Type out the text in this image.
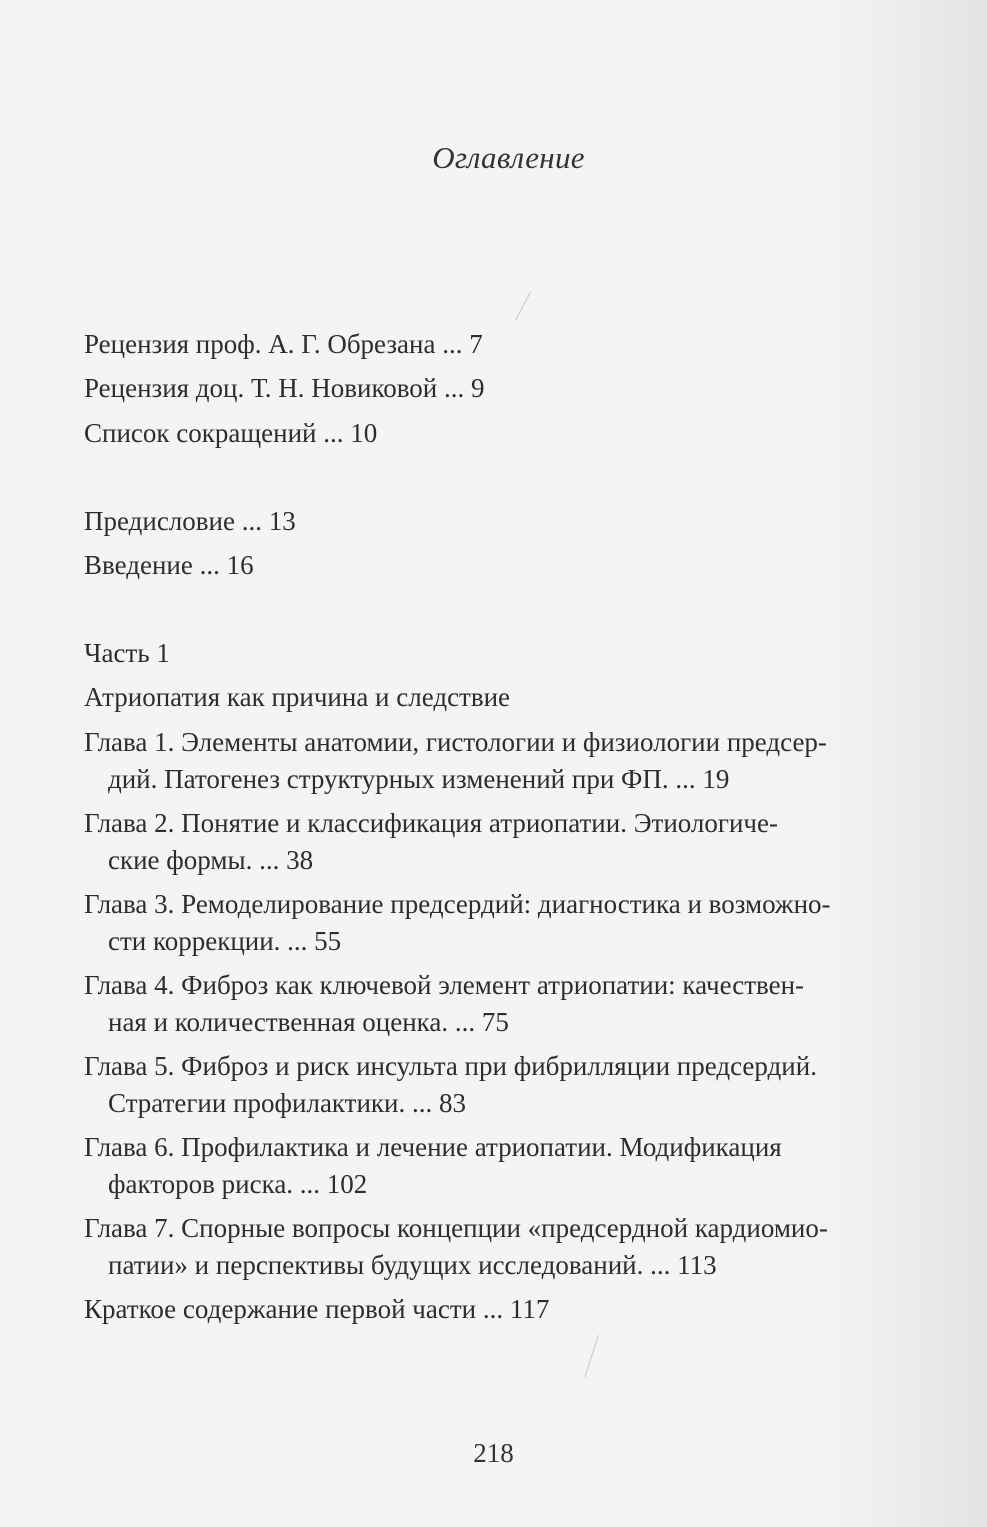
Оглавление
Рецензия проф. А. Г. Обрезана ... 7
Рецензия доц. Т. Н. Новиковой ... 9
Список сокращений ... 10
Предисловие ... 13
Введение ... 16
Часть 1
Атриопатия как причина и следствие
Глава 1. Элементы анатомии, гистологии и физиологии предсер-
дий. Патогенез структурных изменений при ФП. ... 19
Глава 2. Понятие и классификация атриопатии. Этиологиче-
ские формы. ... 38
Глава 3. Ремоделирование предсердий: диагностика и возможно-
сти коррекции. ... 55
Глава 4. Фиброз как ключевой элемент атриопатии: качествен-
ная и количественная оценка. ... 75
Глава 5. Фиброз и риск инсульта при фибрилляции предсердий.
Стратегии профилактики. ... 83
Глава 6. Профилактика и лечение атриопатии. Модификация
факторов риска. ... 102
Глава 7. Спорные вопросы концепции «предсердной кардиомио-
патии» и перспективы будущих исследований. ... 113
Краткое содержание первой части ... 117
218
